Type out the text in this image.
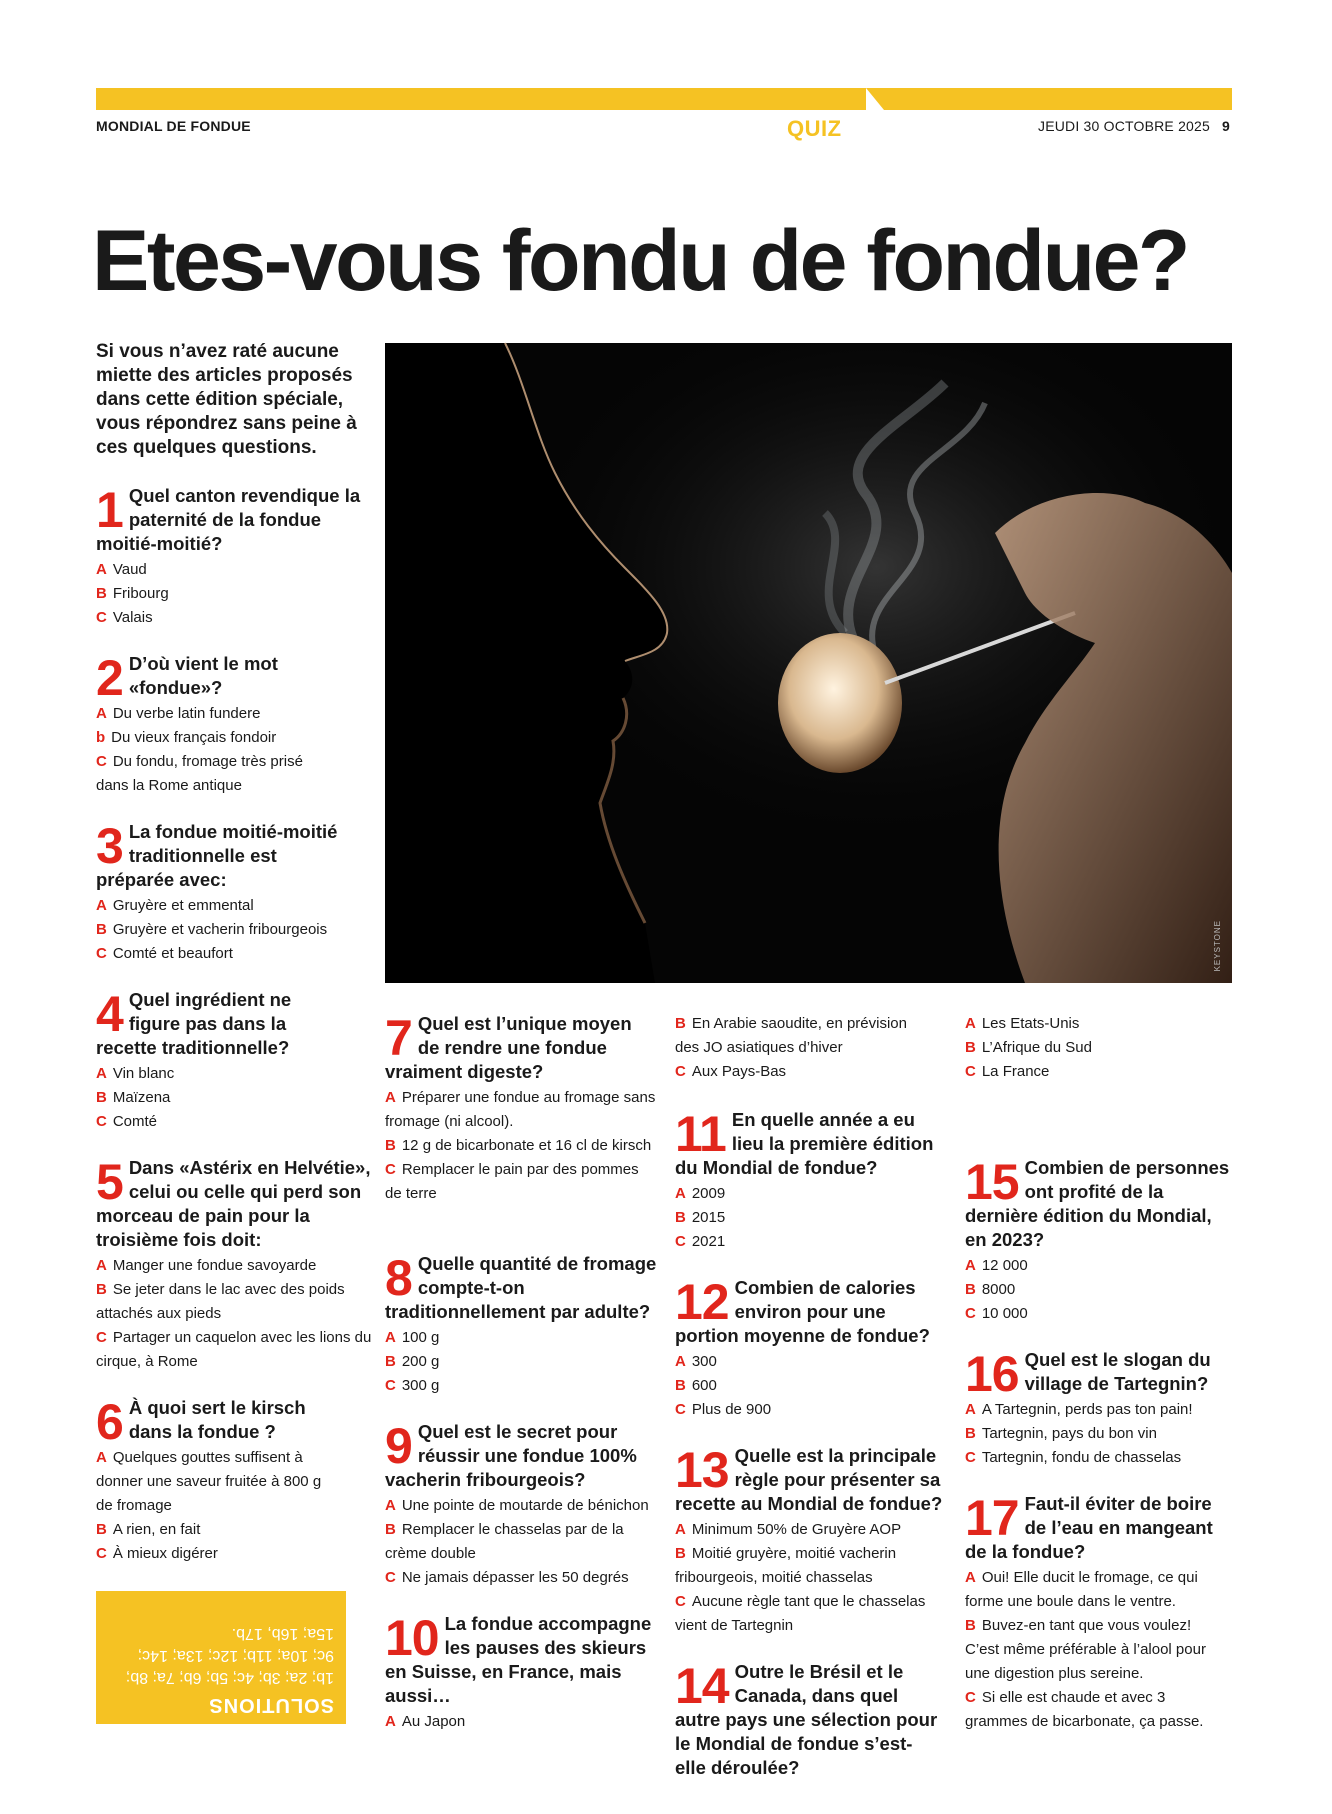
MONDIAL DE FONDUE	QUIZ	JEUDI 30 OCTOBRE 2025 9
Etes-vous fondu de fondue?
Si vous n’avez raté aucune miette des articles proposés dans cette édition spéciale, vous répondrez sans peine à ces quelques questions.
KEYSTONE
1 Quel canton revendique la paternité de la fondue moitié-moitié?
A Vaud
B Fribourg
C Valais
2 D’où vient le mot «fondue»?
A Du verbe latin fundere
b Du vieux français fondoir
C Du fondu, fromage très prisé dans la Rome antique
3 La fondue moitié-moitié traditionnelle est préparée avec:
A Gruyère et emmental
B Gruyère et vacherin fribourgeois
C Comté et beaufort
4 Quel ingrédient ne figure pas dans la recette traditionnelle?
A Vin blanc
B Maïzena
C Comté
5 Dans «Astérix en Helvétie», celui ou celle qui perd son morceau de pain pour la troisième fois doit:
A Manger une fondue savoyarde
B Se jeter dans le lac avec des poids attachés aux pieds
C Partager un caquelon avec les lions du cirque, à Rome
6 À quoi sert le kirsch dans la fondue ?
A Quelques gouttes suffisent à donner une saveur fruitée à 800 g de fromage
B A rien, en fait
C À mieux digérer
SOLUTIONS
1b; 2a; 3b; 4c; 5b; 6b; 7a; 8b; 9c; 10a; 11b; 12c; 13a; 14c; 15a; 16b, 17b.
7 Quel est l’unique moyen de rendre une fondue vraiment digeste?
A Préparer une fondue au fromage sans fromage (ni alcool).
B 12 g de bicarbonate et 16 cl de kirsch
C Remplacer le pain par des pommes de terre
8 Quelle quantité de fromage compte-t-on traditionnellement par adulte?
A 100 g
B 200 g
C 300 g
9 Quel est le secret pour réussir une fondue 100% vacherin fribourgeois?
A Une pointe de moutarde de bénichon
B Remplacer le chasselas par de la crème double
C Ne jamais dépasser les 50 degrés
10 La fondue accompagne les pauses des skieurs en Suisse, en France, mais aussi…
A Au Japon
B En Arabie saoudite, en prévision des JO asiatiques d’hiver
C Aux Pays-Bas
11 En quelle année a eu lieu la première édition du Mondial de fondue?
A 2009
B 2015
C 2021
12 Combien de calories environ pour une portion moyenne de fondue?
A 300
B 600
C Plus de 900
13 Quelle est la principale règle pour présenter sa recette au Mondial de fondue?
A Minimum 50% de Gruyère AOP
B Moitié gruyère, moitié vacherin fribourgeois, moitié chasselas
C Aucune règle tant que le chasselas vient de Tartegnin
14 Outre le Brésil et le Canada, dans quel autre pays une sélection pour le Mondial de fondue s’est-elle déroulée?
A Les Etats-Unis
B L’Afrique du Sud
C La France
15 Combien de personnes ont profité de la dernière édition du Mondial, en 2023?
A 12 000
B 8000
C 10 000
16 Quel est le slogan du village de Tartegnin?
A A Tartegnin, perds pas ton pain!
B Tartegnin, pays du bon vin
C Tartegnin, fondu de chasselas
17 Faut-il éviter de boire de l’eau en mangeant de la fondue?
A Oui! Elle ducit le fromage, ce qui forme une boule dans le ventre.
B Buvez-en tant que vous voulez! C’est même préférable à l’alool pour une digestion plus sereine.
C Si elle est chaude et avec 3 grammes de bicarbonate, ça passe.
